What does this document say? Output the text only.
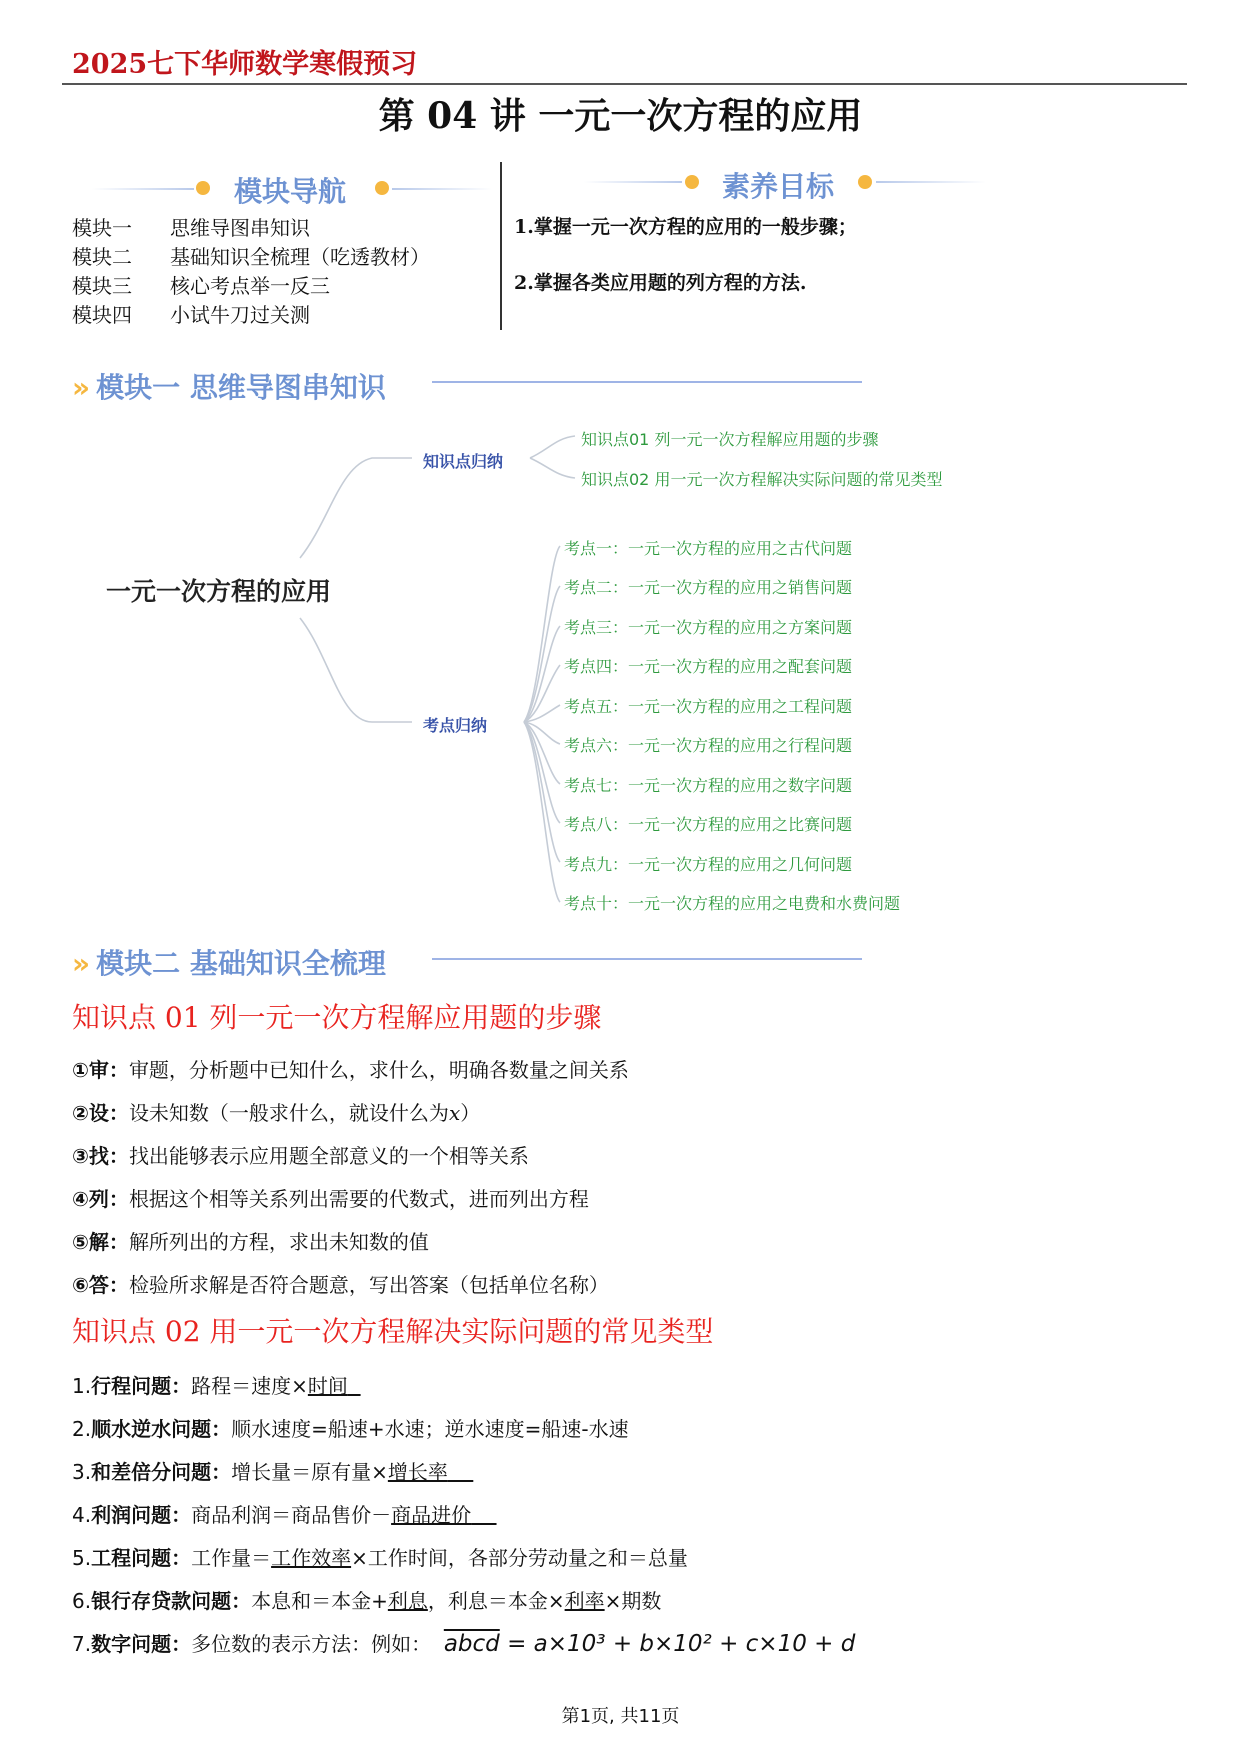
2025七下华师数学寒假预习
第 04 讲 一元一次方程的应用
模块导航
模块一 思维导图串知识
模块二 基础知识全梳理（吃透教材）
模块三 核心考点举一反三
模块四 小试牛刀过关测
素养目标
1.掌握一元一次方程的应用的一般步骤；
2.掌握各类应用题的列方程的方法.
» 模块一 思维导图串知识
一元一次方程的应用
知识点归纳
考点归纳
知识点01 列一元一次方程解应用题的步骤
知识点02 用一元一次方程解决实际问题的常见类型
考点一：一元一次方程的应用之古代问题
考点二：一元一次方程的应用之销售问题
考点三：一元一次方程的应用之方案问题
考点四：一元一次方程的应用之配套问题
考点五：一元一次方程的应用之工程问题
考点六：一元一次方程的应用之行程问题
考点七：一元一次方程的应用之数字问题
考点八：一元一次方程的应用之比赛问题
考点九：一元一次方程的应用之几何问题
考点十：一元一次方程的应用之电费和水费问题
» 模块二 基础知识全梳理
知识点 01 列一元一次方程解应用题的步骤
①审：审题，分析题中已知什么，求什么，明确各数量之间关系
②设：设未知数（一般求什么，就设什么为x）
③找：找出能够表示应用题全部意义的一个相等关系
④列：根据这个相等关系列出需要的代数式，进而列出方程
⑤解：解所列出的方程，求出未知数的值
⑥答：检验所求解是否符合题意，写出答案（包括单位名称）
知识点 02 用一元一次方程解决实际问题的常见类型
1.行程问题：路程＝速度×时间
2.顺水逆水问题：顺水速度=船速+水速；逆水速度=船速-水速
3.和差倍分问题：增长量＝原有量×增长率
4.利润问题：商品利润＝商品售价－商品进价
5.工程问题：工作量＝工作效率×工作时间，各部分劳动量之和＝总量
6.银行存贷款问题：本息和＝本金+利息，利息＝本金×利率×期数
7.数字问题：多位数的表示方法：例如： abcd = a×10³ + b×10² + c×10 + d
第1页, 共11页
